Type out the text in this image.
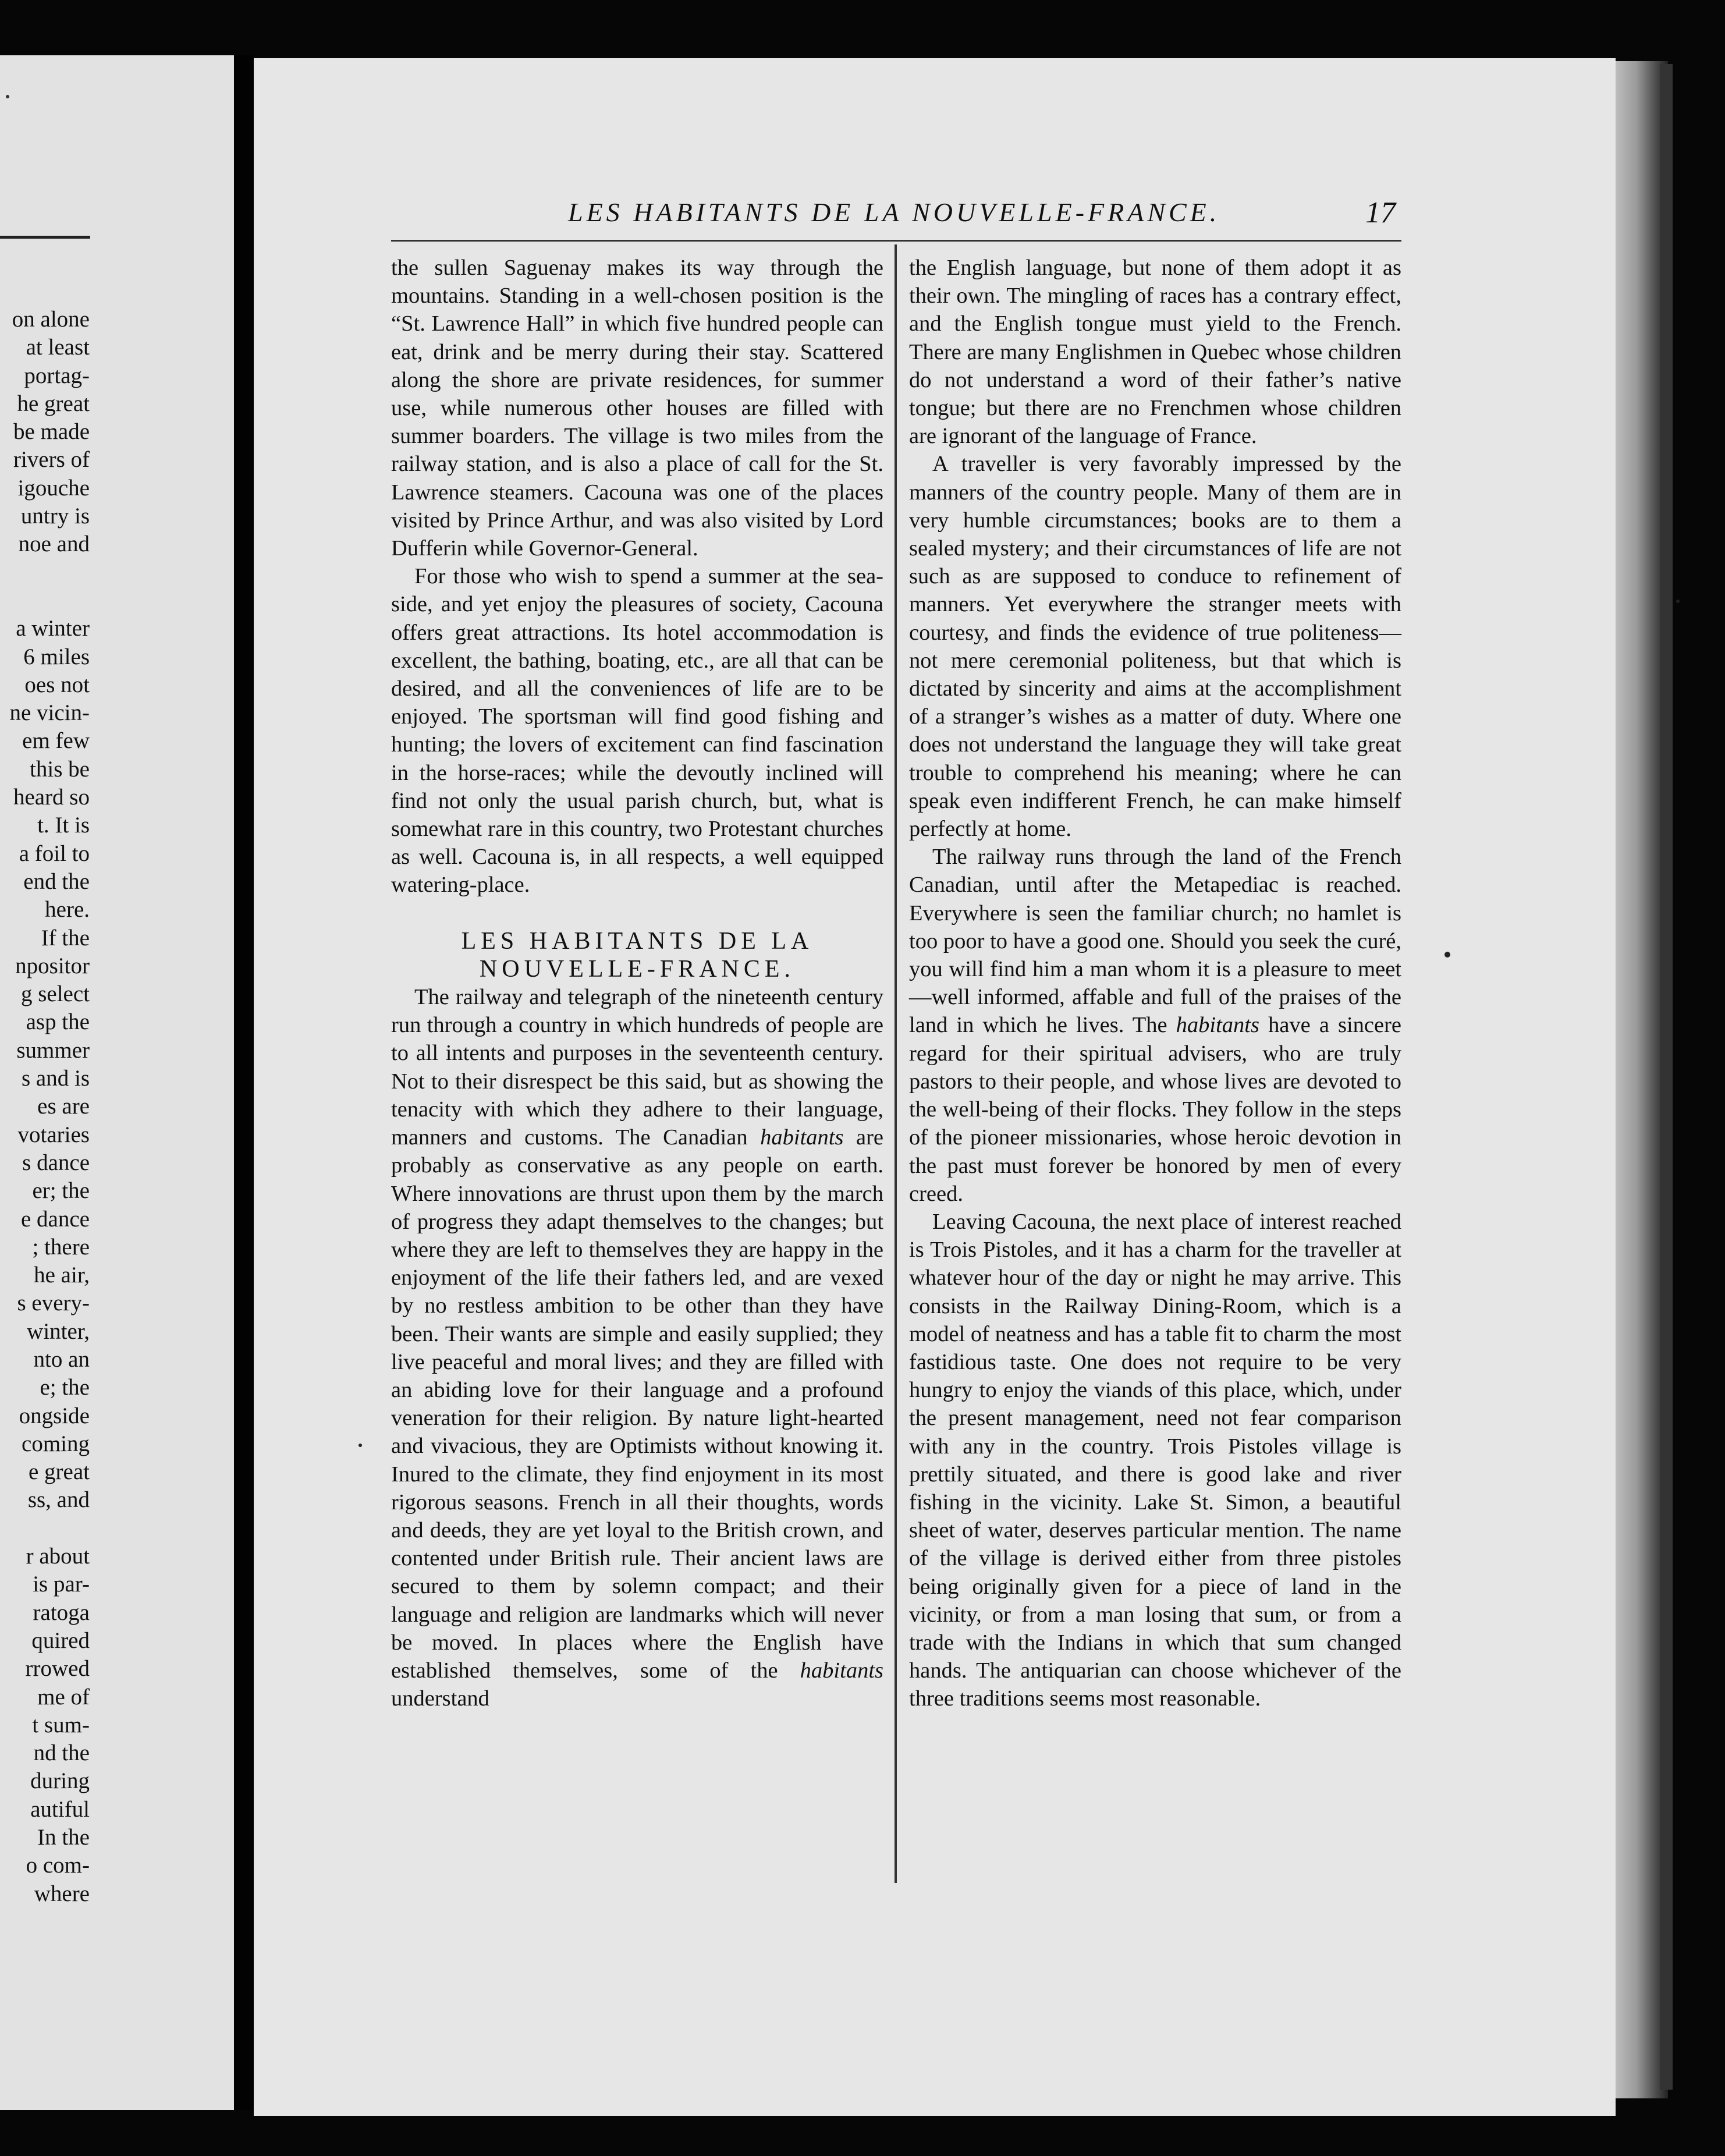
on alone
at least
portag-
he great
be made
rivers of
igouche
untry is
noe and
a winter
6 miles
oes not
ne vicin-
em few
this be
heard so
t. It is
a foil to
end the
here.
If the
npositor
g select
asp the
summer
s and is
es are
votaries
s dance
er; the
e dance
; there
he air,
s every-
winter,
nto an
e; the
ongside
coming
e great
ss, and
r about
is par-
ratoga
quired
rrowed
me of
t sum-
nd the
during
autiful
In the
o com-
where
LES HABITANTS DE LA NOUVELLE-FRANCE.	17

the sullen Saguenay makes its way through the mountains. Standing in a well-chosen position is the “St. Lawrence Hall” in which five hundred people can eat, drink and be merry during their stay. Scattered along the shore are private residences, for summer use, while numerous other houses are filled with summer boarders. The village is two miles from the railway station, and is also a place of call for the St. Lawrence steamers. Cacouna was one of the places visited by Prince Arthur, and was also visited by Lord Dufferin while Governor-General.

For those who wish to spend a summer at the sea-side, and yet enjoy the pleasures of society, Cacouna offers great attractions. Its hotel accommodation is excellent, the bathing, boating, etc., are all that can be desired, and all the conveniences of life are to be enjoyed. The sportsman will find good fishing and hunting; the lovers of excitement can find fascination in the horse-races; while the devoutly inclined will find not only the usual parish church, but, what is somewhat rare in this country, two Protestant churches as well. Cacouna is, in all respects, a well equipped watering-place.

LES HABITANTS DE LA NOUVELLE-FRANCE.

The railway and telegraph of the nineteenth century run through a country in which hundreds of people are to all intents and purposes in the seventeenth century. Not to their disrespect be this said, but as showing the tenacity with which they adhere to their language, manners and customs. The Canadian habitants are probably as conservative as any people on earth. Where innovations are thrust upon them by the march of progress they adapt themselves to the changes; but where they are left to themselves they are happy in the enjoyment of the life their fathers led, and are vexed by no restless ambition to be other than they have been. Their wants are simple and easily supplied; they live peaceful and moral lives; and they are filled with an abiding love for their language and a profound veneration for their religion. By nature light-hearted and vivacious, they are Optimists without knowing it. Inured to the climate, they find enjoyment in its most rigorous seasons. French in all their thoughts, words and deeds, they are yet loyal to the British crown, and contented under British rule. Their ancient laws are secured to them by solemn compact; and their language and religion are landmarks which will never be moved. In places where the English have established themselves, some of the habitants understand

the English language, but none of them adopt it as their own. The mingling of races has a contrary effect, and the English tongue must yield to the French. There are many Englishmen in Quebec whose children do not understand a word of their father’s native tongue; but there are no Frenchmen whose children are ignorant of the language of France.

A traveller is very favorably impressed by the manners of the country people. Many of them are in very humble circumstances; books are to them a sealed mystery; and their circumstances of life are not such as are supposed to conduce to refinement of manners. Yet everywhere the stranger meets with courtesy, and finds the evidence of true politeness—not mere ceremonial politeness, but that which is dictated by sincerity and aims at the accomplishment of a stranger’s wishes as a matter of duty. Where one does not understand the language they will take great trouble to comprehend his meaning; where he can speak even indifferent French, he can make himself perfectly at home.

The railway runs through the land of the French Canadian, until after the Metapediac is reached. Everywhere is seen the familiar church; no hamlet is too poor to have a good one. Should you seek the curé, you will find him a man whom it is a pleasure to meet—well informed, affable and full of the praises of the land in which he lives. The habitants have a sincere regard for their spiritual advisers, who are truly pastors to their people, and whose lives are devoted to the well-being of their flocks. They follow in the steps of the pioneer missionaries, whose heroic devotion in the past must forever be honored by men of every creed.

Leaving Cacouna, the next place of interest reached is Trois Pistoles, and it has a charm for the traveller at whatever hour of the day or night he may arrive. This consists in the Railway Dining-Room, which is a model of neatness and has a table fit to charm the most fastidious taste. One does not require to be very hungry to enjoy the viands of this place, which, under the present management, need not fear comparison with any in the country. Trois Pistoles village is prettily situated, and there is good lake and river fishing in the vicinity. Lake St. Simon, a beautiful sheet of water, deserves particular mention. The name of the village is derived either from three pistoles being originally given for a piece of land in the vicinity, or from a man losing that sum, or from a trade with the Indians in which that sum changed hands. The antiquarian can choose whichever of the three traditions seems most reasonable.
